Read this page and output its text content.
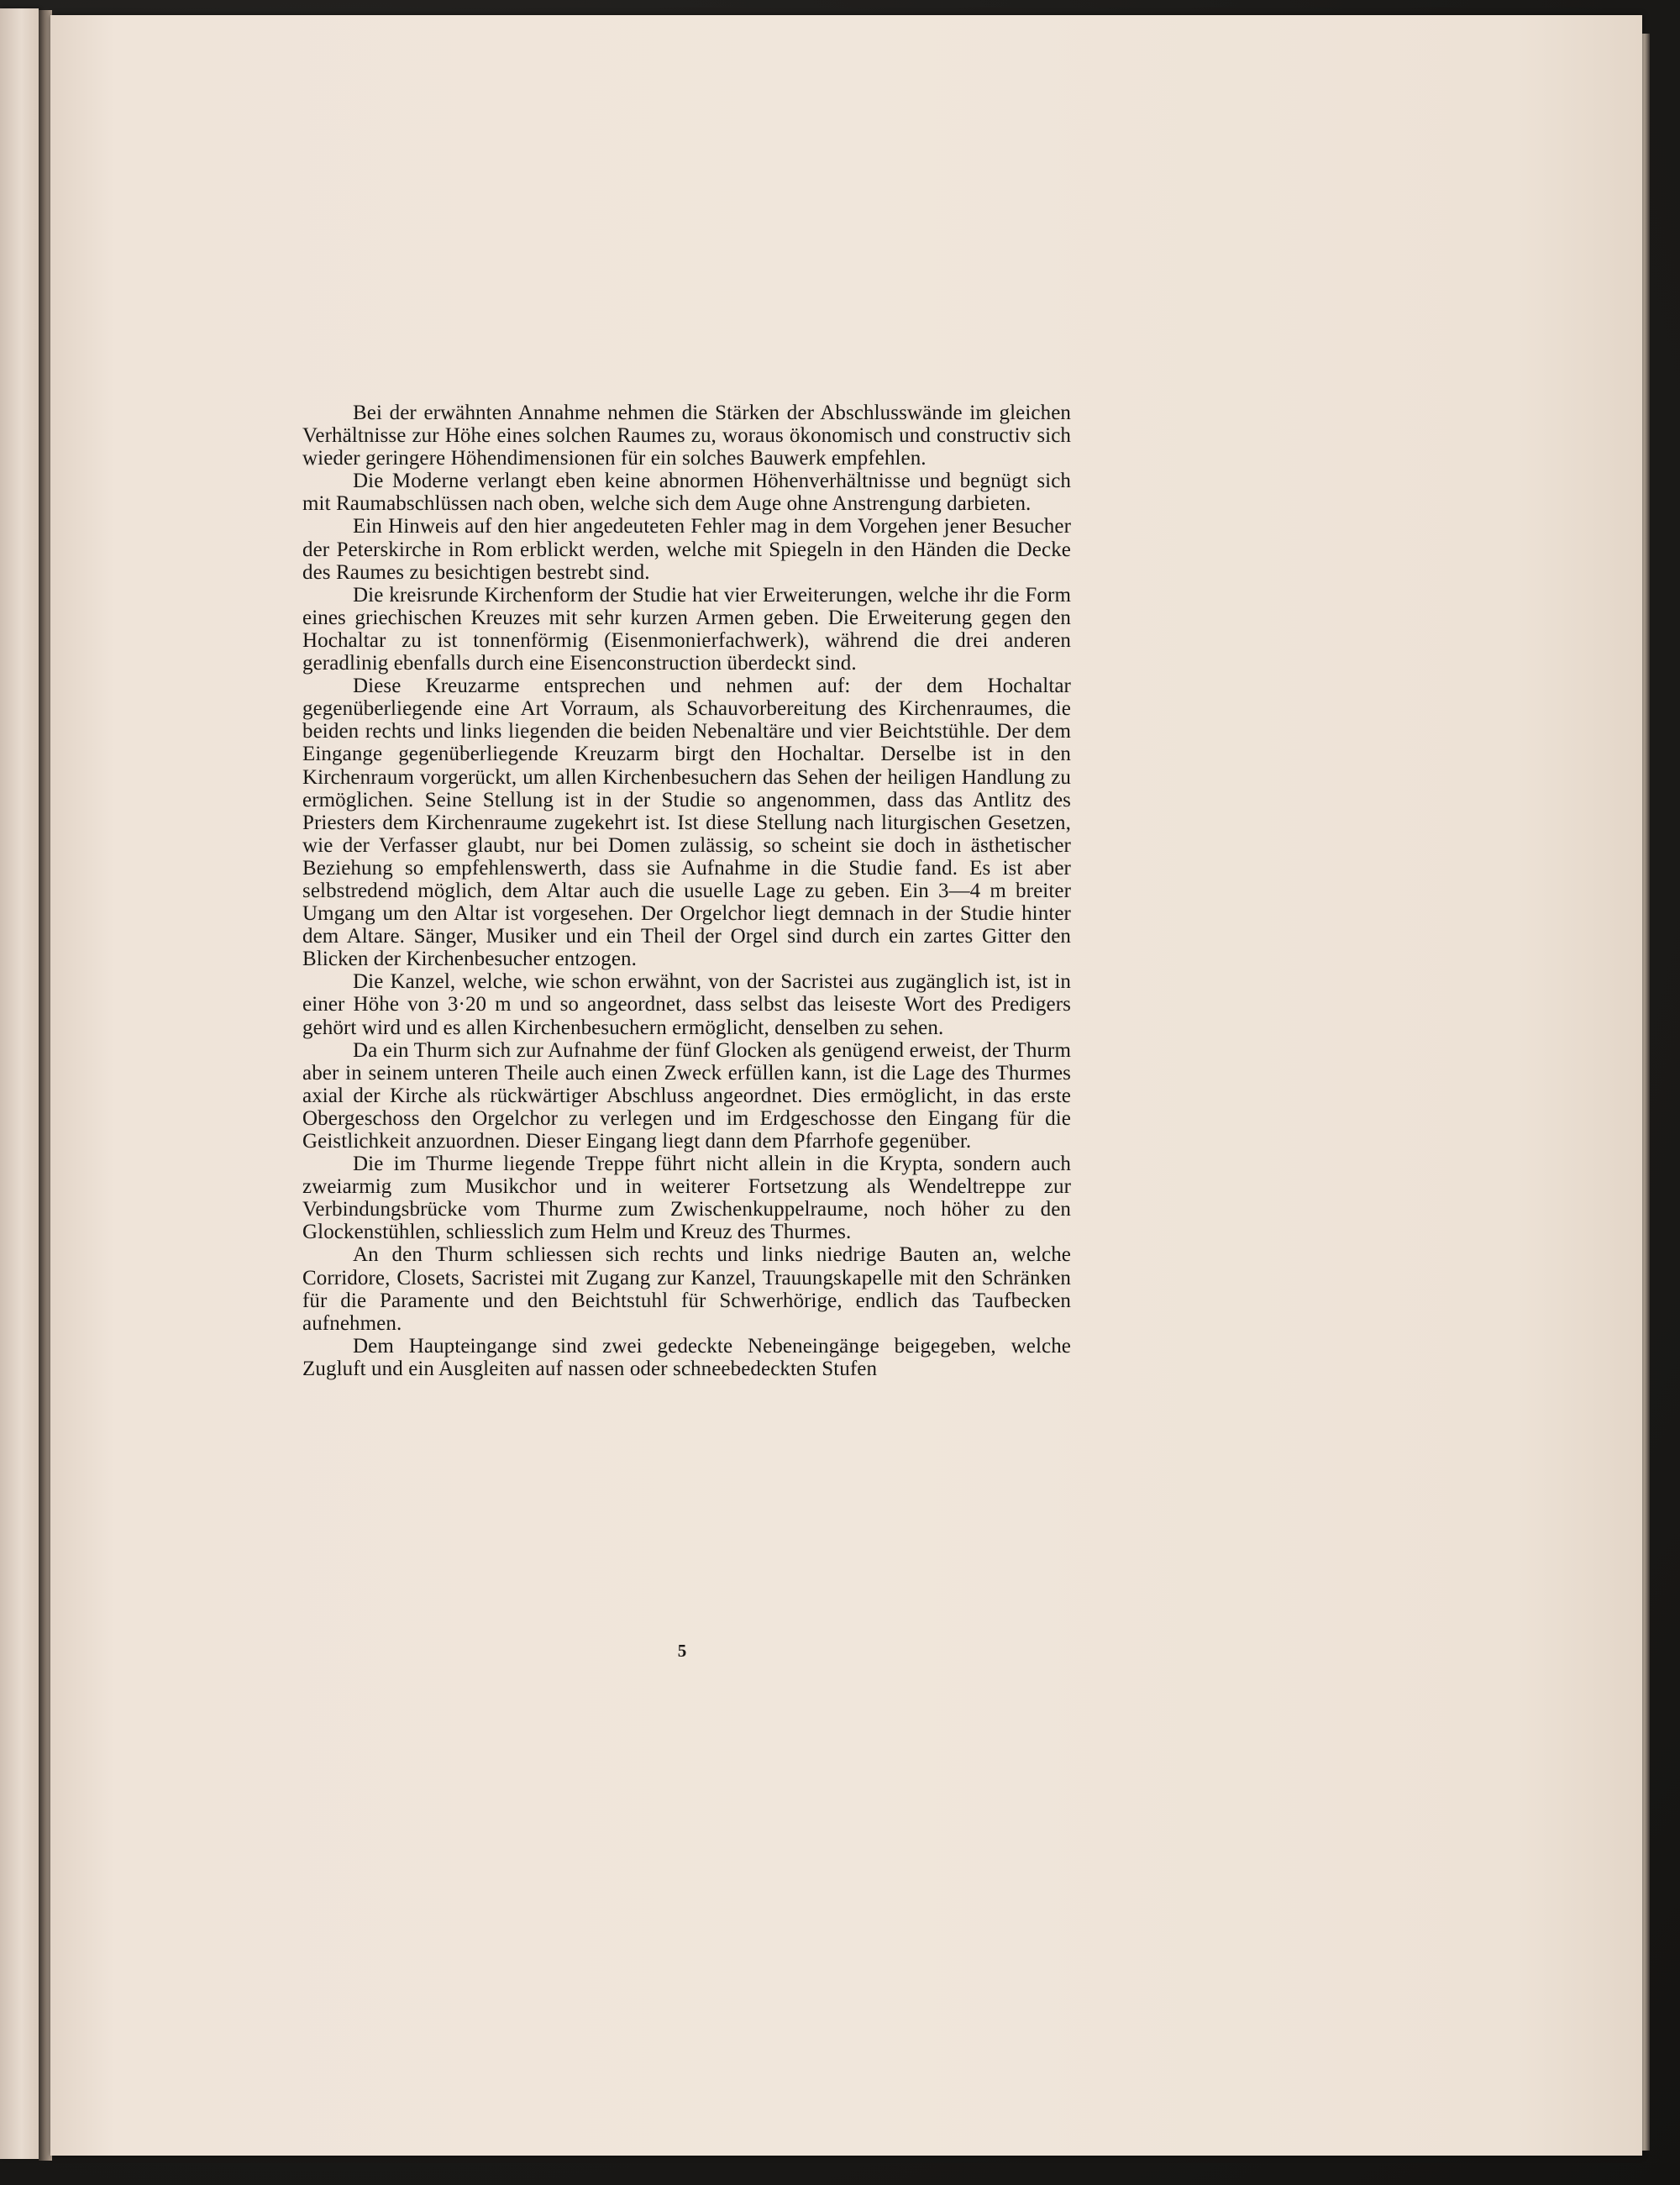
Bei der erwähnten Annahme nehmen die Stärken der Abschlusswände im gleichen Verhältnisse zur Höhe eines solchen Raumes zu, woraus ökonomisch und constructiv sich wieder geringere Höhendimensionen für ein solches Bauwerk empfehlen.

Die Moderne verlangt eben keine abnormen Höhenverhältnisse und begnügt sich mit Raumabschlüssen nach oben, welche sich dem Auge ohne Anstrengung darbieten.

Ein Hinweis auf den hier angedeuteten Fehler mag in dem Vorgehen jener Besucher der Peterskirche in Rom erblickt werden, welche mit Spiegeln in den Händen die Decke des Raumes zu besichtigen bestrebt sind.

Die kreisrunde Kirchenform der Studie hat vier Erweiterungen, welche ihr die Form eines griechischen Kreuzes mit sehr kurzen Armen geben. Die Erweiterung gegen den Hochaltar zu ist tonnenförmig (Eisenmonierfachwerk), während die drei anderen geradlinig ebenfalls durch eine Eisenconstruction überdeckt sind.

Diese Kreuzarme entsprechen und nehmen auf: der dem Hochaltar gegenüberliegende eine Art Vorraum, als Schauvorbereitung des Kirchenraumes, die beiden rechts und links liegenden die beiden Nebenaltäre und vier Beichtstühle. Der dem Eingange gegenüberliegende Kreuzarm birgt den Hochaltar. Derselbe ist in den Kirchenraum vorgerückt, um allen Kirchenbesuchern das Sehen der heiligen Handlung zu ermöglichen. Seine Stellung ist in der Studie so angenommen, dass das Antlitz des Priesters dem Kirchenraume zugekehrt ist. Ist diese Stellung nach liturgischen Gesetzen, wie der Verfasser glaubt, nur bei Domen zulässig, so scheint sie doch in ästhetischer Beziehung so empfehlenswerth, dass sie Aufnahme in die Studie fand. Es ist aber selbstredend möglich, dem Altar auch die usuelle Lage zu geben. Ein 3—4 m breiter Umgang um den Altar ist vorgesehen. Der Orgelchor liegt demnach in der Studie hinter dem Altare. Sänger, Musiker und ein Theil der Orgel sind durch ein zartes Gitter den Blicken der Kirchenbesucher entzogen.

Die Kanzel, welche, wie schon erwähnt, von der Sacristei aus zugänglich ist, ist in einer Höhe von 3·20 m und so angeordnet, dass selbst das leiseste Wort des Predigers gehört wird und es allen Kirchenbesuchern ermöglicht, denselben zu sehen.

Da ein Thurm sich zur Aufnahme der fünf Glocken als genügend erweist, der Thurm aber in seinem unteren Theile auch einen Zweck erfüllen kann, ist die Lage des Thurmes axial der Kirche als rückwärtiger Abschluss angeordnet. Dies ermöglicht, in das erste Obergeschoss den Orgelchor zu verlegen und im Erdgeschosse den Eingang für die Geistlichkeit anzuordnen. Dieser Eingang liegt dann dem Pfarrhofe gegenüber.

Die im Thurme liegende Treppe führt nicht allein in die Krypta, sondern auch zweiarmig zum Musikchor und in weiterer Fortsetzung als Wendeltreppe zur Verbindungsbrücke vom Thurme zum Zwischenkuppelraume, noch höher zu den Glockenstühlen, schliesslich zum Helm und Kreuz des Thurmes.

An den Thurm schliessen sich rechts und links niedrige Bauten an, welche Corridore, Closets, Sacristei mit Zugang zur Kanzel, Trauungskapelle mit den Schränken für die Paramente und den Beichtstuhl für Schwerhörige, endlich das Taufbecken aufnehmen.

Dem Haupteingange sind zwei gedeckte Nebeneingänge beigegeben, welche Zugluft und ein Ausgleiten auf nassen oder schneebedeckten Stufen

5
